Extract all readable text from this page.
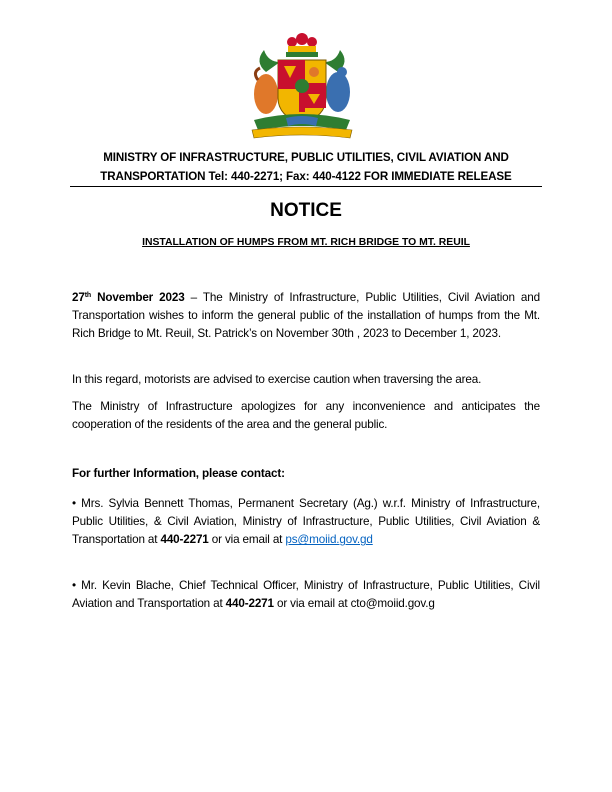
MINISTRY OF INFRASTRUCTURE, PUBLIC UTILITIES, CIVIL AVIATION AND
TRANSPORTATION Tel: 440-2271; Fax: 440-4122 FOR IMMEDIATE RELEASE
NOTICE
INSTALLATION OF HUMPS FROM MT. RICH BRIDGE TO MT. REUIL
27th November 2023 – The Ministry of Infrastructure, Public Utilities, Civil Aviation and Transportation wishes to inform the general public of the installation of humps from the Mt. Rich Bridge to Mt. Reuil, St. Patrick’s on November 30th , 2023 to December 1, 2023.
In this regard, motorists are advised to exercise caution when traversing the area.
The Ministry of Infrastructure apologizes for any inconvenience and anticipates the cooperation of the residents of the area and the general public.
For further Information, please contact:
• Mrs. Sylvia Bennett Thomas, Permanent Secretary (Ag.) w.r.f. Ministry of Infrastructure, Public Utilities, & Civil Aviation, Ministry of Infrastructure, Public Utilities, Civil Aviation & Transportation at 440-2271 or via email at ps@moiid.gov.gd
• Mr. Kevin Blache, Chief Technical Officer, Ministry of Infrastructure, Public Utilities, Civil Aviation and Transportation at 440-2271 or via email at cto@moiid.gov.g
